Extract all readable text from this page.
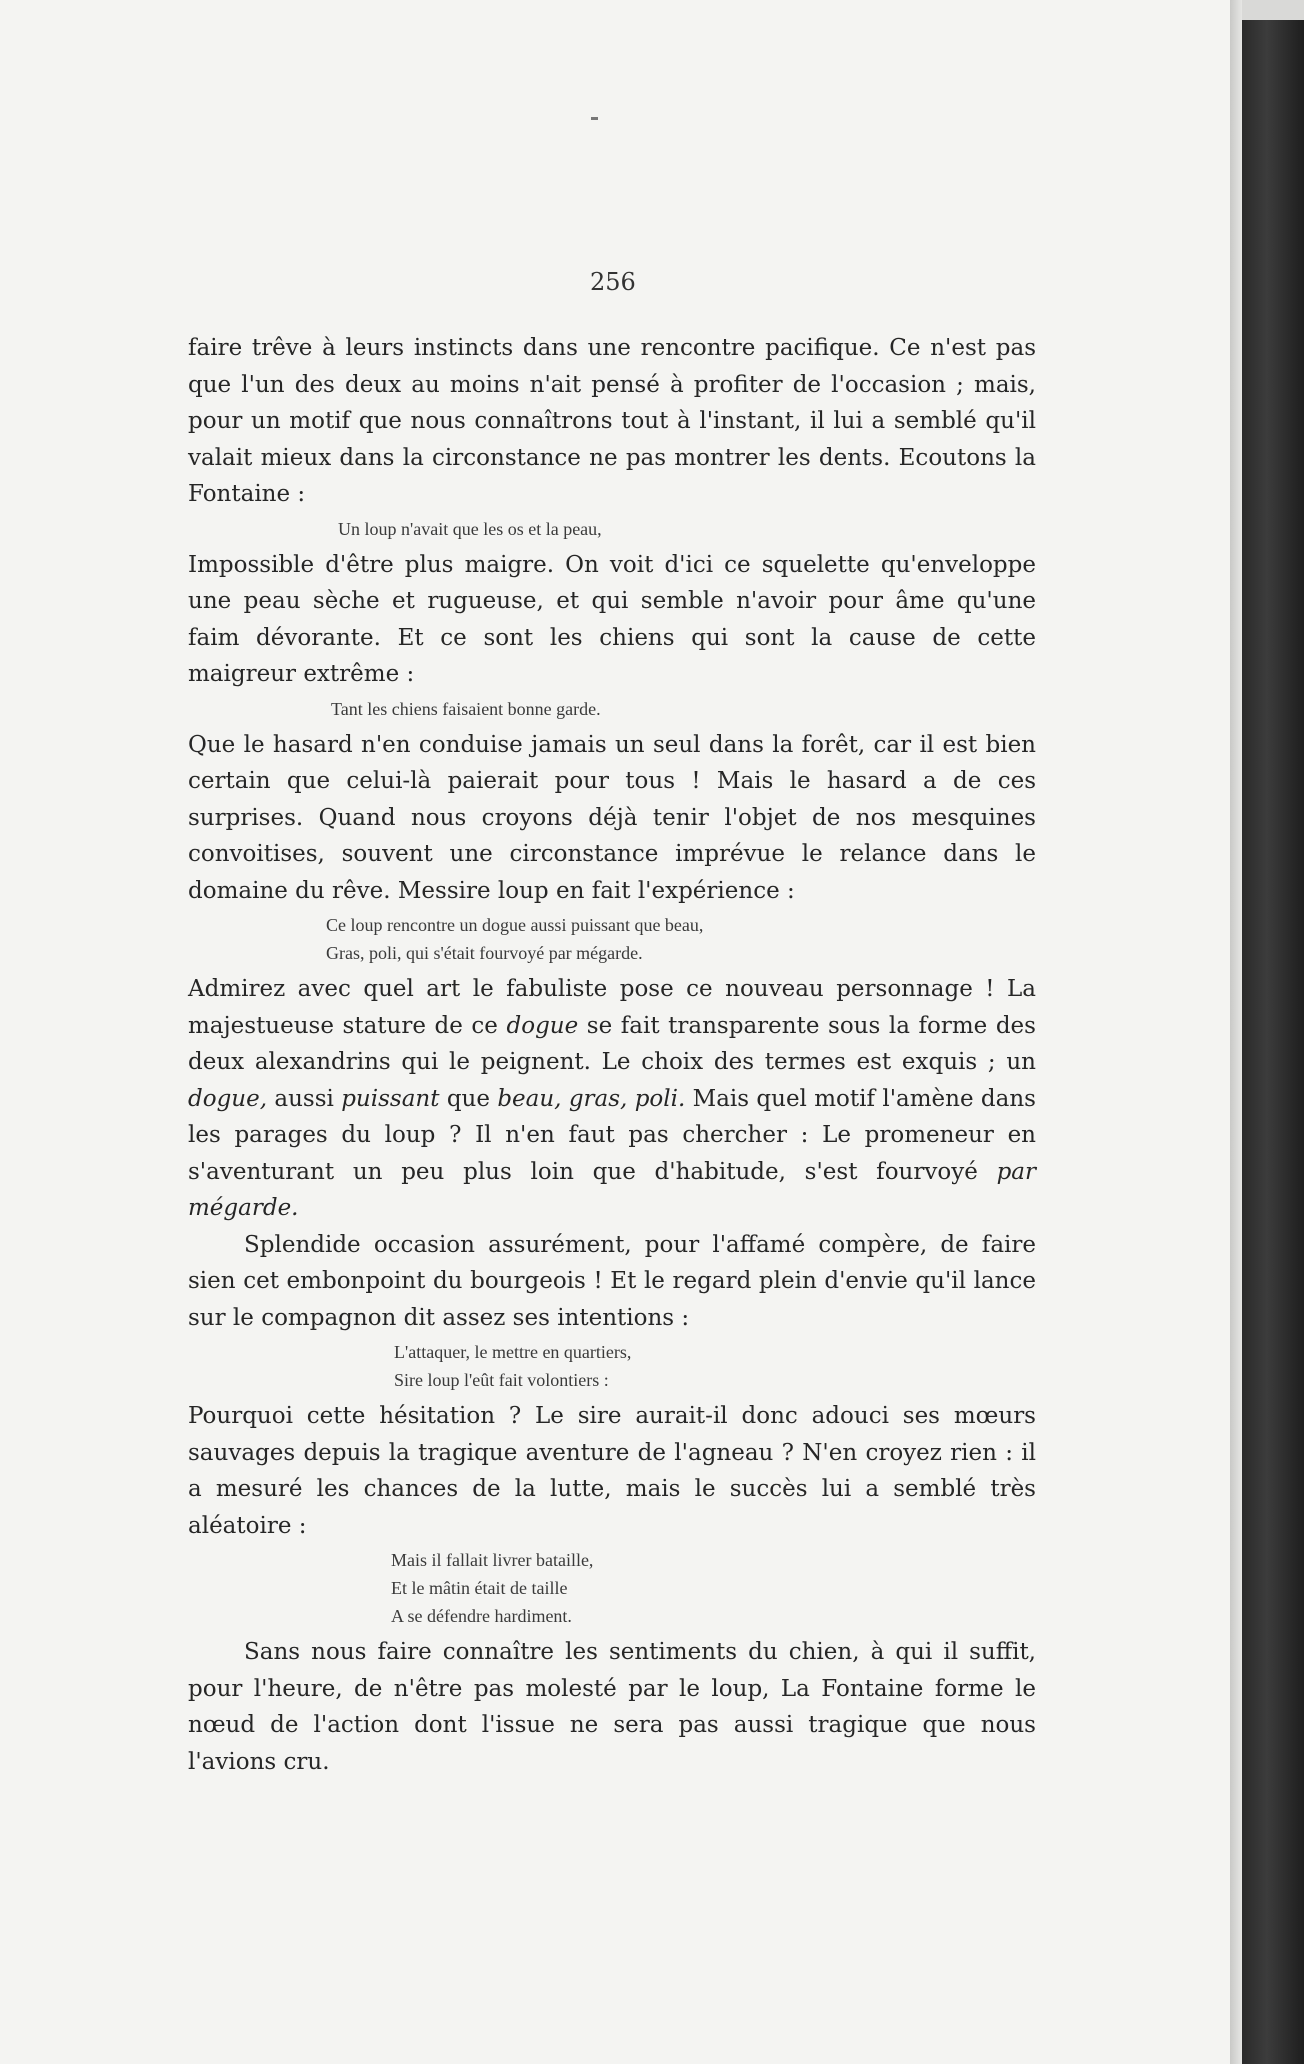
256

faire trêve à leurs instincts dans une rencontre pacifique. Ce n'est pas que l'un des deux au moins n'ait pensé à profiter de l'occasion ; mais, pour un motif que nous connaîtrons tout à l'instant, il lui a semblé qu'il valait mieux dans la circonstance ne pas montrer les dents. Ecoutons la Fontaine :

Un loup n'avait que les os et la peau,

Impossible d'être plus maigre. On voit d'ici ce squelette qu'enveloppe une peau sèche et rugueuse, et qui semble n'avoir pour âme qu'une faim dévorante. Et ce sont les chiens qui sont la cause de cette maigreur extrême :

Tant les chiens faisaient bonne garde.

Que le hasard n'en conduise jamais un seul dans la forêt, car il est bien certain que celui-là paierait pour tous ! Mais le hasard a de ces surprises. Quand nous croyons déjà tenir l'objet de nos mesquines convoitises, souvent une circonstance imprévue le relance dans le domaine du rêve. Messire loup en fait l'expérience :

Ce loup rencontre un dogue aussi puissant que beau,
Gras, poli, qui s'était fourvoyé par mégarde.

Admirez avec quel art le fabuliste pose ce nouveau personnage ! La majestueuse stature de ce dogue se fait transparente sous la forme des deux alexandrins qui le peignent. Le choix des termes est exquis ; un dogue, aussi puissant que beau, gras, poli. Mais quel motif l'amène dans les parages du loup ? Il n'en faut pas chercher : Le promeneur en s'aventurant un peu plus loin que d'habitude, s'est fourvoyé par mégarde.

Splendide occasion assurément, pour l'affamé compère, de faire sien cet embonpoint du bourgeois ! Et le regard plein d'envie qu'il lance sur le compagnon dit assez ses intentions :

L'attaquer, le mettre en quartiers,
Sire loup l'eût fait volontiers :

Pourquoi cette hésitation ? Le sire aurait-il donc adouci ses mœurs sauvages depuis la tragique aventure de l'agneau ? N'en croyez rien : il a mesuré les chances de la lutte, mais le succès lui a semblé très aléatoire :

Mais il fallait livrer bataille,
Et le mâtin était de taille
A se défendre hardiment.

Sans nous faire connaître les sentiments du chien, à qui il suffit, pour l'heure, de n'être pas molesté par le loup, La Fontaine forme le nœud de l'action dont l'issue ne sera pas aussi tragique que nous l'avions cru.
